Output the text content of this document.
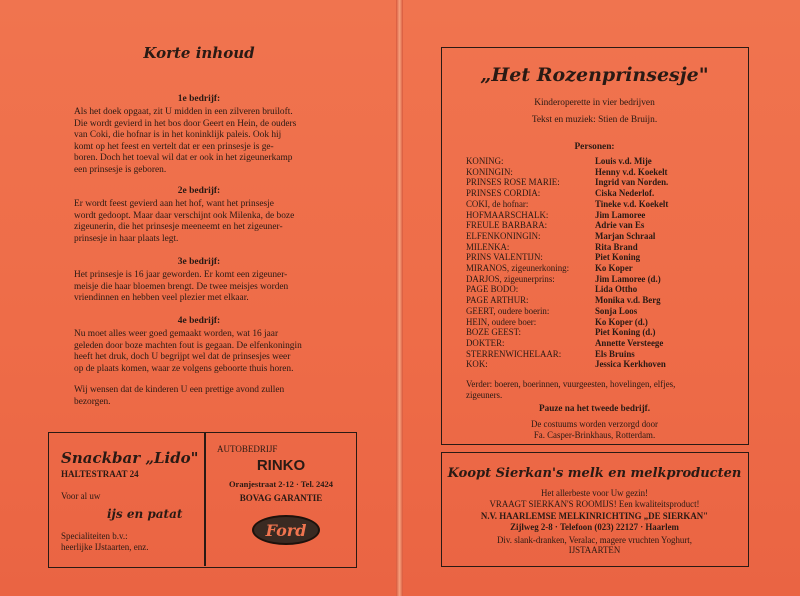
Korte inhoud
1e bedrijf:
Als het doek opgaat, zit U midden in een zilveren bruiloft.
Die wordt gevierd in het bos door Geert en Hein, de ouders
van Coki, die hofnar is in het koninklijk paleis. Ook hij
komt op het feest en vertelt dat er een prinsesje is ge-
boren. Doch het toeval wil dat er ook in het zigeunerkamp
een prinsesje is geboren.
2e bedrijf:
Er wordt feest gevierd aan het hof, want het prinsesje
wordt gedoopt. Maar daar verschijnt ook Milenka, de boze
zigeunerin, die het prinsesje meeneemt en het zigeuner-
prinsesje in haar plaats legt.
3e bedrijf:
Het prinsesje is 16 jaar geworden. Er komt een zigeuner-
meisje die haar bloemen brengt. De twee meisjes worden
vriendinnen en hebben veel plezier met elkaar.
4e bedrijf:
Nu moet alles weer goed gemaakt worden, wat 16 jaar
geleden door boze machten fout is gegaan. De elfenkoningin
heeft het druk, doch U begrijpt wel dat de prinsesjes weer
op de plaats komen, waar ze volgens geboorte thuis horen.
Wij wensen dat de kinderen U een prettige avond zullen
bezorgen.
Snackbar „Lido"
HALTESTRAAT 24
Voor al uw
ijs en patat
Specialiteiten b.v.:
heerlijke IJstaarten, enz.
AUTOBEDRIJF
RINKO
Oranjestraat 2-12 · Tel. 2424
BOVAG GARANTIE
Ford
„Het Rozenprinsesje"
Kinderoperette in vier bedrijven
Tekst en muziek: Stien de Bruijn.
Personen:
KONING:	Louis v.d. Mije
KONINGIN:	Henny v.d. Koekelt
PRINSES ROSE MARIE:	Ingrid van Norden.
PRINSES CORDIA:	Ciska Nederlof.
COKI, de hofnar:	Tineke v.d. Koekelt
HOFMAARSCHALK:	Jim Lamoree
FREULE BARBARA:	Adrie van Es
ELFENKONINGIN:	Marjan Schraal
MILENKA:	Rita Brand
PRINS VALENTIJN:	Piet Koning
MIRANOS, zigeunerkoning:	Ko Koper
DARJOS, zigeunerprins:	Jim Lamoree (d.)
PAGE BODO:	Lida Ottho
PAGE ARTHUR:	Monika v.d. Berg
GEERT, oudere boerin:	Sonja Loos
HEIN, oudere boer:	Ko Koper (d.)
BOZE GEEST:	Piet Koning (d.)
DOKTER:	Annette Versteege
STERRENWICHELAAR:	Els Bruins
KOK:	Jessica Kerkhoven
Verder: boeren, boerinnen, vuurgeesten, hovelingen, elfjes,
zigeuners.
Pauze na het tweede bedrijf.
De costuums worden verzorgd door
Fa. Casper-Brinkhaus, Rotterdam.
Koopt Sierkan's melk en melkproducten
Het allerbeste voor Uw gezin!
VRAAGT SIERKAN'S ROOMIJS! Een kwaliteitsproduct!
N.V. HAARLEMSE MELKINRICHTING „DE SIERKAN"
Zijlweg 2-8 · Telefoon (023) 22127 · Haarlem
Div. slank-dranken, Veralac, magere vruchten Yoghurt,
IJSTAARTEN
